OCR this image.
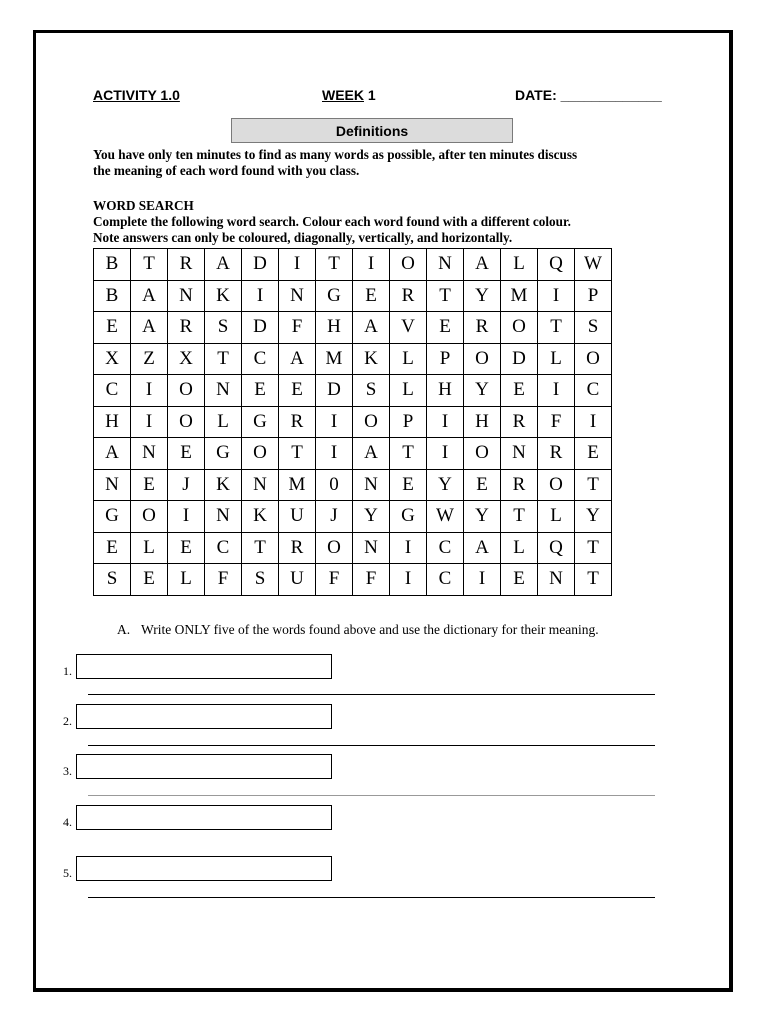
ACTIVITY 1.0	WEEK 1	DATE: _____________
Definitions
You have only ten minutes to find as many words as possible, after ten minutes discuss
the meaning of each word found with you class.
WORD SEARCH
Complete the following word search. Colour each word found with a different colour.
Note answers can only be coloured, diagonally, vertically, and horizontally.
B	T	R	A	D	I	T	I	O	N	A	L	Q	W
B	A	N	K	I	N	G	E	R	T	Y	M	I	P
E	A	R	S	D	F	H	A	V	E	R	O	T	S
X	Z	X	T	C	A	M	K	L	P	O	D	L	O
C	I	O	N	E	E	D	S	L	H	Y	E	I	C
H	I	O	L	G	R	I	O	P	I	H	R	F	I
A	N	E	G	O	T	I	A	T	I	O	N	R	E
N	E	J	K	N	M	0	N	E	Y	E	R	O	T
G	O	I	N	K	U	J	Y	G	W	Y	T	L	Y
E	L	E	C	T	R	O	N	I	C	A	L	Q	T
S	E	L	F	S	U	F	F	I	C	I	E	N	T
A. Write ONLY five of the words found above and use the dictionary for their meaning.
1.
2.
3.
4.
5.
